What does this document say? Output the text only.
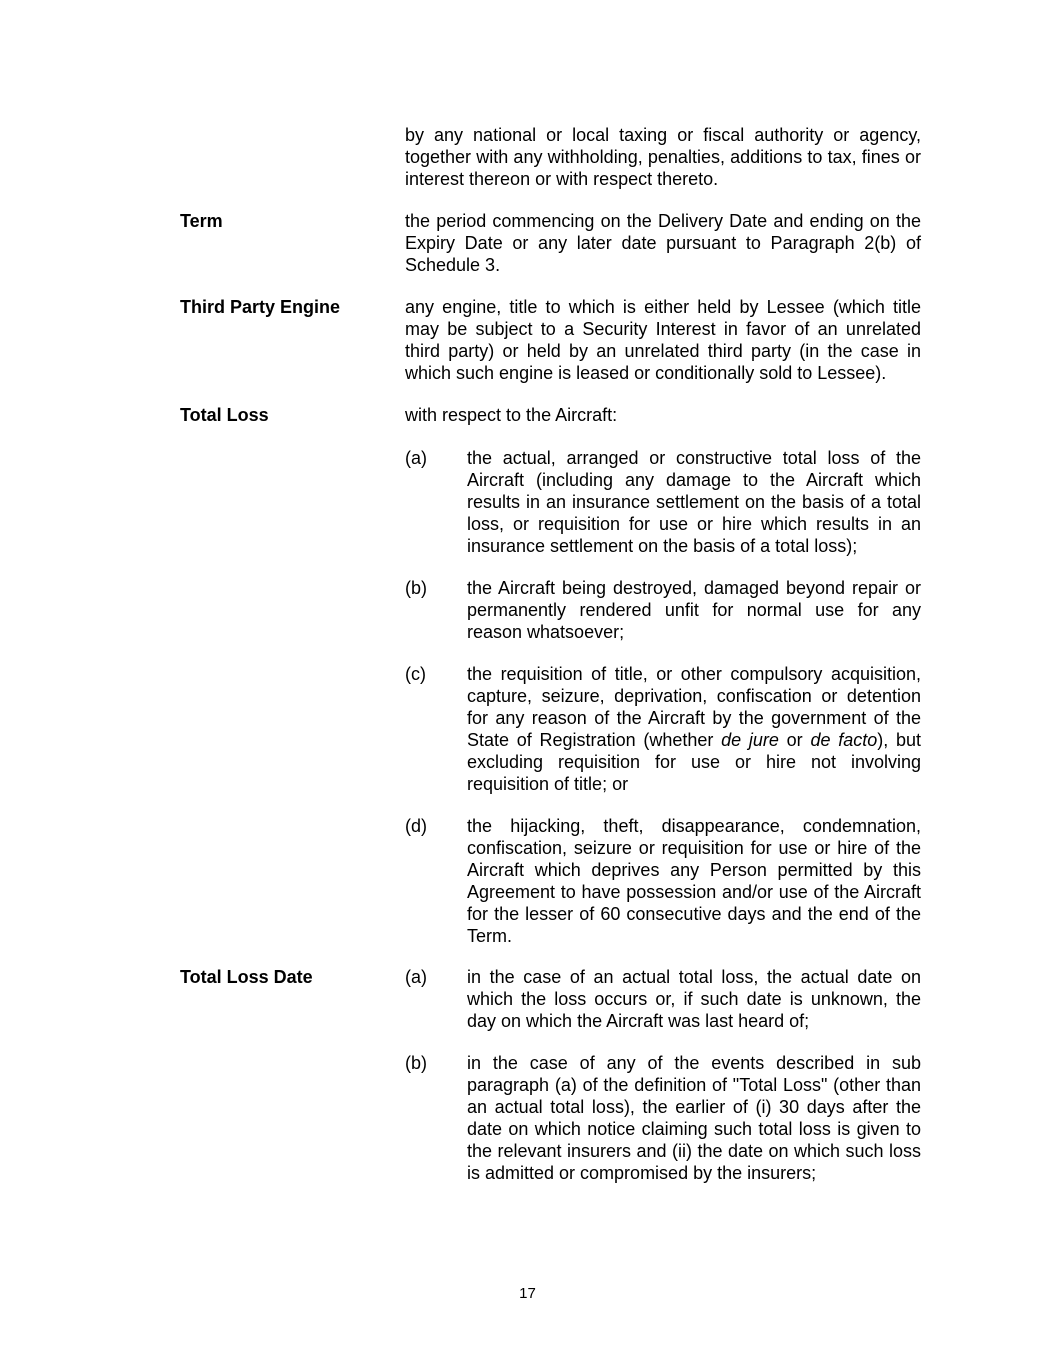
by any national or local taxing or fiscal authority or agency, together with any withholding, penalties, additions to tax, fines or interest thereon or with respect thereto.
Term	the period commencing on the Delivery Date and ending on the Expiry Date or any later date pursuant to Paragraph 2(b) of Schedule 3.
Third Party Engine	any engine, title to which is either held by Lessee (which title may be subject to a Security Interest in favor of an unrelated third party) or held by an unrelated third party (in the case in which such engine is leased or conditionally sold to Lessee).
Total Loss	with respect to the Aircraft:
(a)	the actual, arranged or constructive total loss of the Aircraft (including any damage to the Aircraft which results in an insurance settlement on the basis of a total loss, or requisition for use or hire which results in an insurance settlement on the basis of a total loss);
(b)	the Aircraft being destroyed, damaged beyond repair or permanently rendered unfit for normal use for any reason whatsoever;
(c)	the requisition of title, or other compulsory acquisition, capture, seizure, deprivation, confiscation or detention for any reason of the Aircraft by the government of the State of Registration (whether de jure or de facto), but excluding requisition for use or hire not involving requisition of title; or
(d)	the hijacking, theft, disappearance, condemnation, confiscation, seizure or requisition for use or hire of the Aircraft which deprives any Person permitted by this Agreement to have possession and/or use of the Aircraft for the lesser of 60 consecutive days and the end of the Term.
Total Loss Date	(a)	in the case of an actual total loss, the actual date on which the loss occurs or, if such date is unknown, the day on which the Aircraft was last heard of;
(b)	in the case of any of the events described in sub paragraph (a) of the definition of "Total Loss" (other than an actual total loss), the earlier of (i) 30 days after the date on which notice claiming such total loss is given to the relevant insurers and (ii) the date on which such loss is admitted or compromised by the insurers;
17
